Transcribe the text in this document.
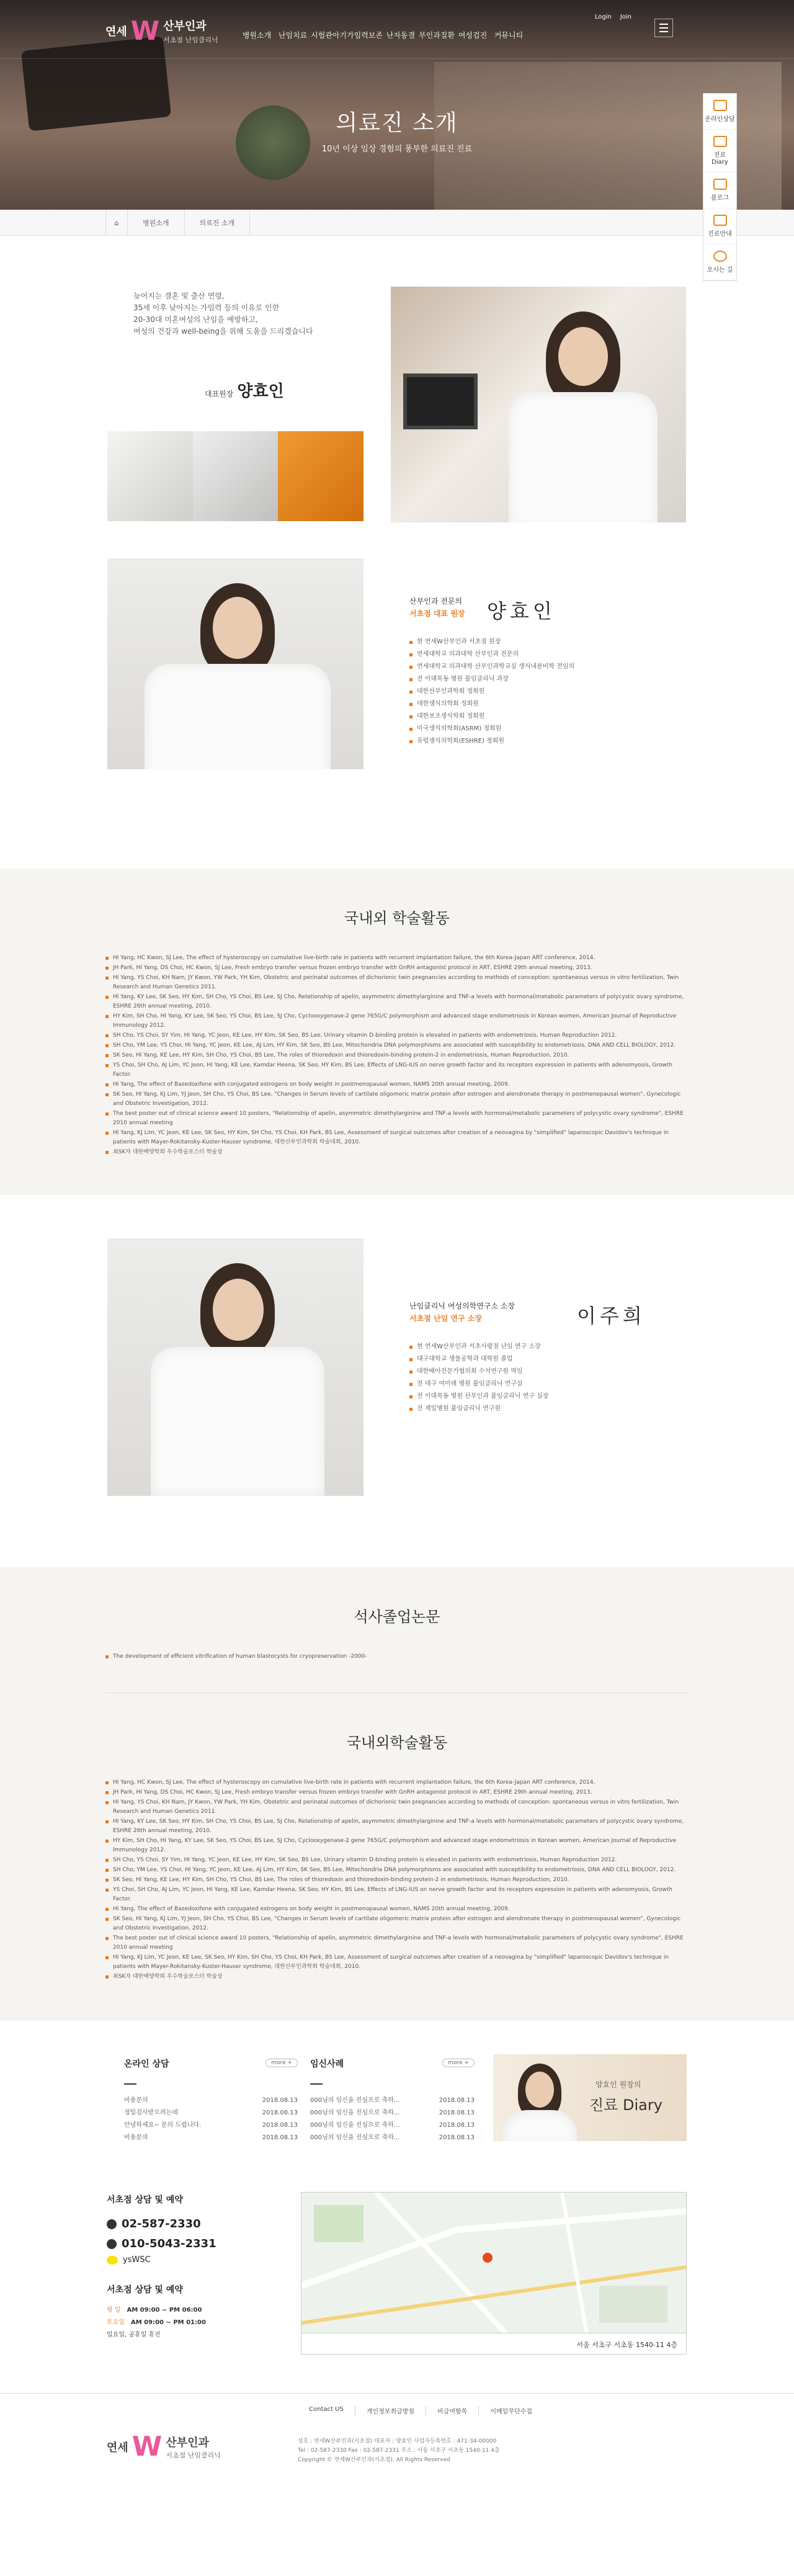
연세 W 산부인과
서초점 난임클리닉
Login Join
병원소개 난임치료 시험관아기 가임력보존 난자동결 부인과질환 여성검진 커뮤니티
의료진 소개

10년 이상 임상 경험의 풍부한 의료진 진료

온라인상담
진료 Diary
블로그
진료안내
오시는 길
⌂	병원소개	의료진 소개
늦어지는 결혼 및 출산 연령,
35세 이후 낮아지는 가임력 등의 이유로 인한
20-30대 미혼여성의 난임을 예방하고,
여성의 건강과 well-being을 위해 도움을 드리겠습니다
대표원장 양효인
산부인과 전문의
서초점 대표 원장	양효인
현 연세W산부인과 서초점 원장
연세대학교 의과대학 산부인과 전문의
연세대학교 의과대학 산부인과학교실 생식내분비학 전임의
전 이대목동 병원 불임클리닉 과장
대한산부인과학회 정회원
대한생식의학회 정회원
대한보조생식학회 정회원
미국생식의학회(ASRM) 정회원
유럽생식의학회(ESHRE) 정회원
국내외 학술활동
HI Yang, HC Kwon, SJ Lee, The effect of hysteroscopy on cumulative live-birth rate in patients with recurrent implantation failure, the 6th Korea-Japan ART conference, 2014.
JH Park, HI Yang, DS Choi, HC Kwon, SJ Lee, Fresh embryo transfer versus frozen embryo transfer with GnRH antagonist protocol in ART, ESHRE 29th annual meeting, 2013.
HI Yang, YS Choi, KH Nam, JY Kwon, YW Park, YH Kim, Obstetric and perinatal outcomes of dichorionic twin pregnancies according to methods of conception: spontaneous versus in vitro fertilization, Twin Research and Human Genetics 2011.
HI Yang, KY Lee, SK Seo, HY Kim, SH Cho, YS Choi, BS Lee, SJ Cho, Relationship of apelin, asymmetric dimethylarginine and TNF-a levels with hormonal/metabolic parameters of polycystic ovary syndrome, ESHRE 26th annual meeting, 2010.
HY Kim, SH Cho, HI Yang, KY Lee, SK Seo, YS Choi, BS Lee, SJ Cho, Cyclooxygenase-2 gene 765G/C polymorphism and advanced stage endometriosis in Korean women, American Journal of Reproductive Immunology 2012.
SH Cho, YS Choi, SY Yim, HI Yang, YC Jeon, KE Lee, HY Kim, SK Seo, BS Lee, Urinary vitamin D-binding protein is elevated in patients with endometriosis, Human Reproduction 2012.
SH Cho, YM Lee, YS Choi, HI Yang, YC Jeon, KE Lee, AJ Lim, HY Kim, SK Seo, BS Lee, Mitochondria DNA polymorphisms are associated with susceptibility to endometriosis, DNA AND CELL BIOLOGY, 2012.
SK Seo, HI Yang, KE Lee, HY Kim, SH Cho, YS Choi, BS Lee, The roles of thioredoxin and thioredoxin-binding protein-2 in endometriosis, Human Reproduction, 2010.
YS Choi, SH Cho, AJ Lim, YC Jeon, HI Yang, KE Lee, Kamdar Heena, SK Seo, HY Kim, BS Lee, Effects of LNG-IUS on nerve growth factor and its receptors expression in patients with adenomyosis, Growth Factor.
HI Yang, The effect of Bazedoxifene with conjugated estrogens on body weight in postmenopausal women, NAMS 20th annual meeting, 2009.
SK Seo, HI Yang, KJ Lim, YJ Jeon, SH Cho, YS Choi, BS Lee, "Changes in Serum levels of cartilate oligomeric matrix protein after estrogen and alendronate therapy in postmenopausal women", Gynecologic and Obstetric Investigation, 2012.
The best poster out of clinical science award 10 posters, "Relationship of apelin, asymmetric dimethylarginine and TNF-a levels with hormonal/metabolic parameters of polycystic ovary syndrome", ESHRE 2010 annual meeting
HI Yang, KJ Lim, YC Jeon, KE Lee, SK Seo, HY Kim, SH Cho, YS Choi, KH Park, BS Lee, Assessment of surgical outcomes after creation of a neovagina by "simplified" laparoscopic Davidov's technique in patients with Mayer-Rokitansky-Kuster-Hauser syndrome, 대한산부인과학회 학술대회, 2010.
최SK자 대한배양학회 우수학술포스터 학술상
난임클리닉 여성의학연구소 소장
서초점 난임 연구 소장	이주희
현 연세W산부인과 서초사랑점 난임 연구 소장
대구대학교 생물공학과 대학원 졸업
대한배아전문가협의회 수석연구원 역임
전 대구 여미래 병원 불임클리닉 연구실
전 이대목동 병원 산부인과 불임클리닉 연구 실장
전 제일병원 불임클리닉 연구원
석사졸업논문
The development of efficient vitrification of human blastocysts for cryopreservation -2000-
국내외학술활동
HI Yang, HC Kwon, SJ Lee, The effect of hysteroscopy on cumulative live-birth rate in patients with recurrent implantation failure, the 6th Korea-Japan ART conference, 2014.
JH Park, HI Yang, DS Choi, HC Kwon, SJ Lee, Fresh embryo transfer versus frozen embryo transfer with GnRH antagonist protocol in ART, ESHRE 29th annual meeting, 2013.
HI Yang, YS Choi, KH Nam, JY Kwon, YW Park, YH Kim, Obstetric and perinatal outcomes of dichorionic twin pregnancies according to methods of conception: spontaneous versus in vitro fertilization, Twin Research and Human Genetics 2011.
HI Yang, KY Lee, SK Seo, HY Kim, SH Cho, YS Choi, BS Lee, SJ Cho, Relationship of apelin, asymmetric dimethylarginine and TNF-a levels with hormonal/metabolic parameters of polycystic ovary syndrome, ESHRE 26th annual meeting, 2010.
HY Kim, SH Cho, HI Yang, KY Lee, SK Seo, YS Choi, BS Lee, SJ Cho, Cyclooxygenase-2 gene 765G/C polymorphism and advanced stage endometriosis in Korean women, American Journal of Reproductive Immunology 2012.
SH Cho, YS Choi, SY Yim, HI Yang, YC Jeon, KE Lee, HY Kim, SK Seo, BS Lee, Urinary vitamin D-binding protein is elevated in patients with endometriosis, Human Reproduction 2012.
SH Cho, YM Lee, YS Choi, HI Yang, YC Jeon, KE Lee, AJ Lim, HY Kim, SK Seo, BS Lee, Mitochondria DNA polymorphisms are associated with susceptibility to endometriosis, DNA AND CELL BIOLOGY, 2012.
SK Seo, HI Yang, KE Lee, HY Kim, SH Cho, YS Choi, BS Lee, The roles of thioredoxin and thioredoxin-binding protein-2 in endometriosis, Human Reproduction, 2010.
YS Choi, SH Cho, AJ Lim, YC Jeon, HI Yang, KE Lee, Kamdar Heena, SK Seo, HY Kim, BS Lee, Effects of LNG-IUS on nerve growth factor and its receptors expression in patients with adenomyosis, Growth Factor.
HI Yang, The effect of Bazedoxifene with conjugated estrogens on body weight in postmenopausal women, NAMS 20th annual meeting, 2009.
SK Seo, HI Yang, KJ Lim, YJ Jeon, SH Cho, YS Choi, BS Lee, "Changes in Serum levels of cartilate oligomeric matrix protein after estrogen and alendronate therapy in postmenopausal women", Gynecologic and Obstetric Investigation, 2012.
The best poster out of clinical science award 10 posters, "Relationship of apelin, asymmetric dimethylarginine and TNF-a levels with hormonal/metabolic parameters of polycystic ovary syndrome", ESHRE 2010 annual meeting
HI Yang, KJ Lim, YC Jeon, KE Lee, SK Seo, HY Kim, SH Cho, YS Choi, KH Park, BS Lee, Assessment of surgical outcomes after creation of a neovagina by "simplified" laparoscopic Davidov's technique in patients with Mayer-Rokitansky-Kuster-Hauser syndrome, 대한산부인과학회 학술대회, 2010.
최SK자 대한배양학회 우수학술포스터 학술상
온라인 상담	more +
비용문의	2018.08.13
정밀검사받으려는데	2018.08.13
안녕하세요~ 문의 드립니다.	2018.08.13
비용문의	2018.08.13
임신사례	more +
000님의 임신을 진심으로 축하...	2018.08.13
000님의 임신을 진심으로 축하...	2018.08.13
000님의 임신을 진심으로 축하...	2018.08.13
000님의 임신을 진심으로 축하...	2018.08.13
양효인 원장의
진료 Diary
서초점 상담 및 예약
02-587-2330
010-5043-2331
ysWSC
서초점 상담 및 예약
평 일 AM 09:00 ~ PM 06:00
토요일 AM 09:00 ~ PM 01:00
일요일, 공휴일 휴진
서울 서초구 서초동 1540-11 4층
Contact US	개인정보취급방침	비급여항목	이메일무단수집
연세 W 산부인과
서초점 난임클리닉
상호 : 연세W산부인과(서초점) 대표자 : 양효인 사업자등록번호 : 471-34-00000
Tel : 02-587-2330 Fax : 02-587-2331 주소 : 서울 서초구 서초동 1540-11 4층
Copyright © 연세W산부인과(서초점). All Rights Reserved
